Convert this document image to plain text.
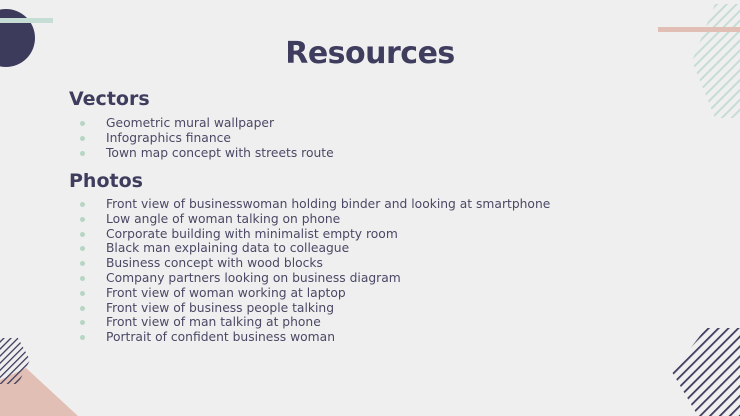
Resources
Vectors
Geometric mural wallpaper
Infographics finance
Town map concept with streets route
Photos
Front view of businesswoman holding binder and looking at smartphone
Low angle of woman talking on phone
Corporate building with minimalist empty room
Black man explaining data to colleague
Business concept with wood blocks
Company partners looking on business diagram
Front view of woman working at laptop
Front view of business people talking
Front view of man talking at phone
Portrait of confident business woman
